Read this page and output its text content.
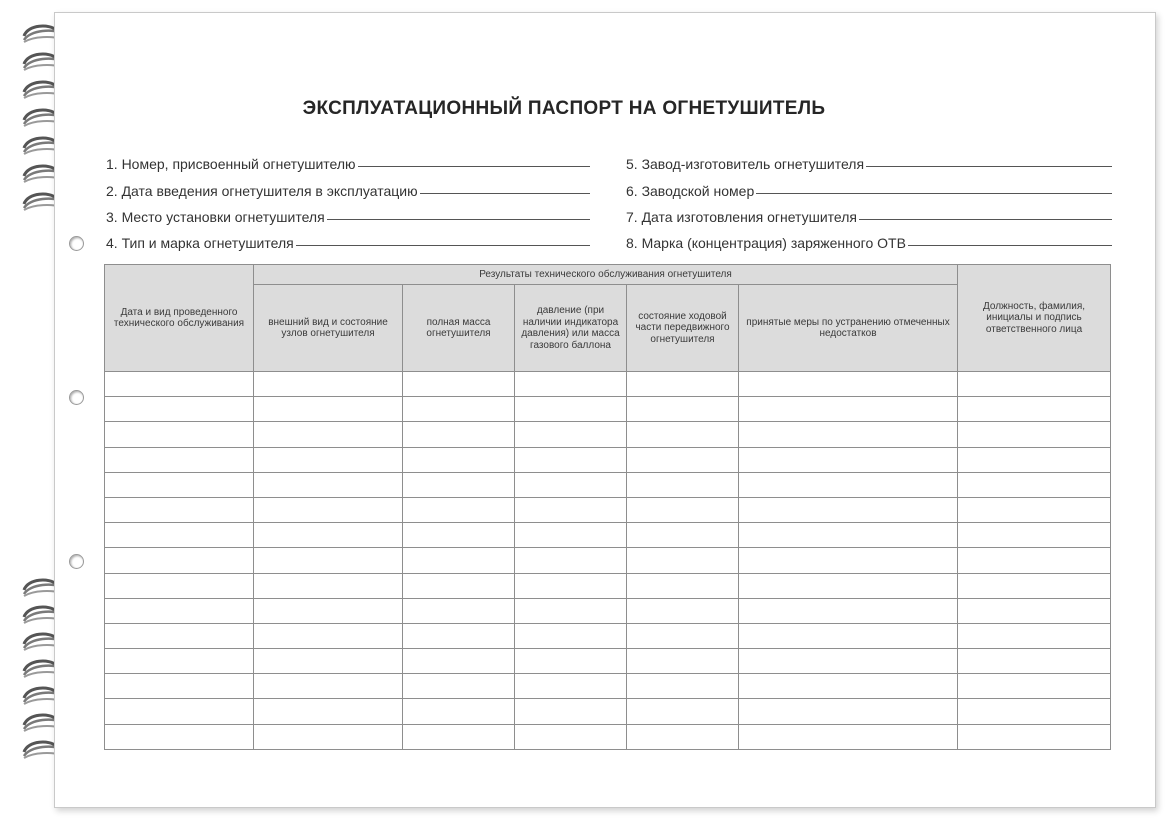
ЭКСПЛУАТАЦИОННЫЙ ПАСПОРТ НА ОГНЕТУШИТЕЛЬ
1. Номер, присвоенный огнетушителю
2. Дата введения огнетушителя в эксплуатацию
3. Место установки огнетушителя
4. Тип и марка огнетушителя
5. Завод-изготовитель огнетушителя
6. Заводской номер
7. Дата изготовления огнетушителя
8. Марка (концентрация) заряженного ОТВ
Дата и вид проведенного технического обслуживания	Результаты технического обслуживания огнетушителя					Должность, фамилия, инициалы и подпись ответственного лица
	внешний вид и состояние узлов огнетушителя	полная масса огнетушителя	давление (при наличии индикатора давления) или масса газового баллона	состояние ходовой части передвижного огнетушителя	принятые меры по устранению отмеченных недостатков	
